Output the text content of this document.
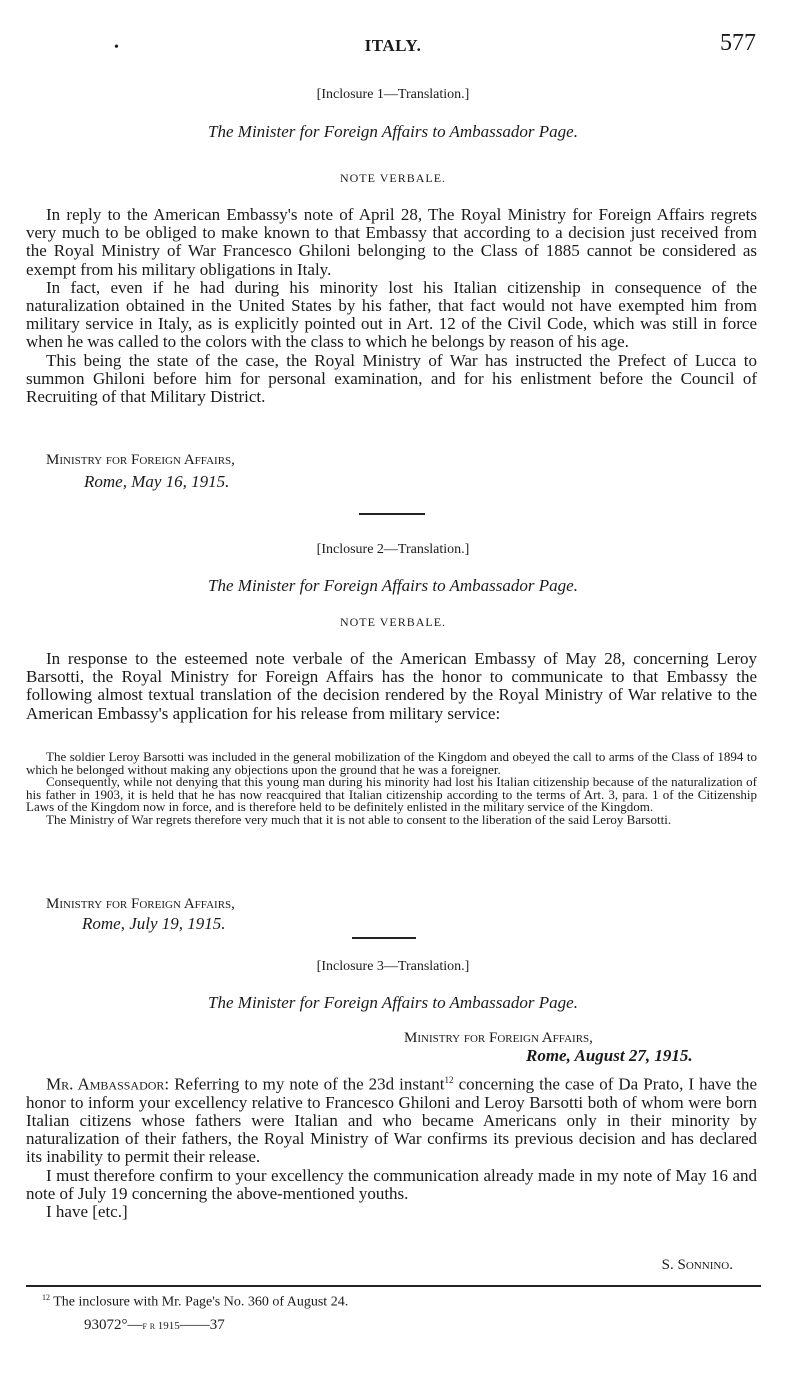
•	ITALY.	577
[Inclosure 1—Translation.]
The Minister for Foreign Affairs to Ambassador Page.
NOTE VERBALE.

In reply to the American Embassy's note of April 28, The Royal Ministry for Foreign Affairs regrets very much to be obliged to make known to that Embassy that according to a decision just received from the Royal Ministry of War Francesco Ghiloni belonging to the Class of 1885 cannot be considered as exempt from his military obligations in Italy.

In fact, even if he had during his minority lost his Italian citizenship in consequence of the naturalization obtained in the United States by his father, that fact would not have exempted him from military service in Italy, as is explicitly pointed out in Art. 12 of the Civil Code, which was still in force when he was called to the colors with the class to which he belongs by reason of his age.

This being the state of the case, the Royal Ministry of War has instructed the Prefect of Lucca to summon Ghiloni before him for personal examination, and for his enlistment before the Council of Recruiting of that Military District.

Ministry for Foreign Affairs,
Rome, May 16, 1915.
[Inclosure 2—Translation.]
The Minister for Foreign Affairs to Ambassador Page.
NOTE VERBALE.

In response to the esteemed note verbale of the American Embassy of May 28, concerning Leroy Barsotti, the Royal Ministry for Foreign Affairs has the honor to communicate to that Embassy the following almost textual translation of the decision rendered by the Royal Ministry of War relative to the American Embassy's application for his release from military service:

The soldier Leroy Barsotti was included in the general mobilization of the Kingdom and obeyed the call to arms of the Class of 1894 to which he belonged without making any objections upon the ground that he was a foreigner.

Consequently, while not denying that this young man during his minority had lost his Italian citizenship because of the naturalization of his father in 1903, it is held that he has now reacquired that Italian citizenship according to the terms of Art. 3, para. 1 of the Citizenship Laws of the Kingdom now in force, and is therefore held to be definitely enlisted in the military service of the Kingdom.

The Ministry of War regrets therefore very much that it is not able to consent to the liberation of the said Leroy Barsotti.

Ministry for Foreign Affairs,
Rome, July 19, 1915.
[Inclosure 3—Translation.]
The Minister for Foreign Affairs to Ambassador Page.
Ministry for Foreign Affairs,
Rome, August 27, 1915.

Mr. Ambassador: Referring to my note of the 23d instant$^{12}$ concerning the case of Da Prato, I have the honor to inform your excellency relative to Francesco Ghiloni and Leroy Barsotti both of whom were born Italian citizens whose fathers were Italian and who became Americans only in their minority by naturalization of their fathers, the Royal Ministry of War confirms its previous decision and has declared its inability to permit their release.

I must therefore confirm to your excellency the communication already made in my note of May 16 and note of July 19 concerning the above-mentioned youths.

I have [etc.]

S. Sonnino.
$^{12}$ The inclosure with Mr. Page's No. 360 of August 24.
93072°—f r 1915——37
